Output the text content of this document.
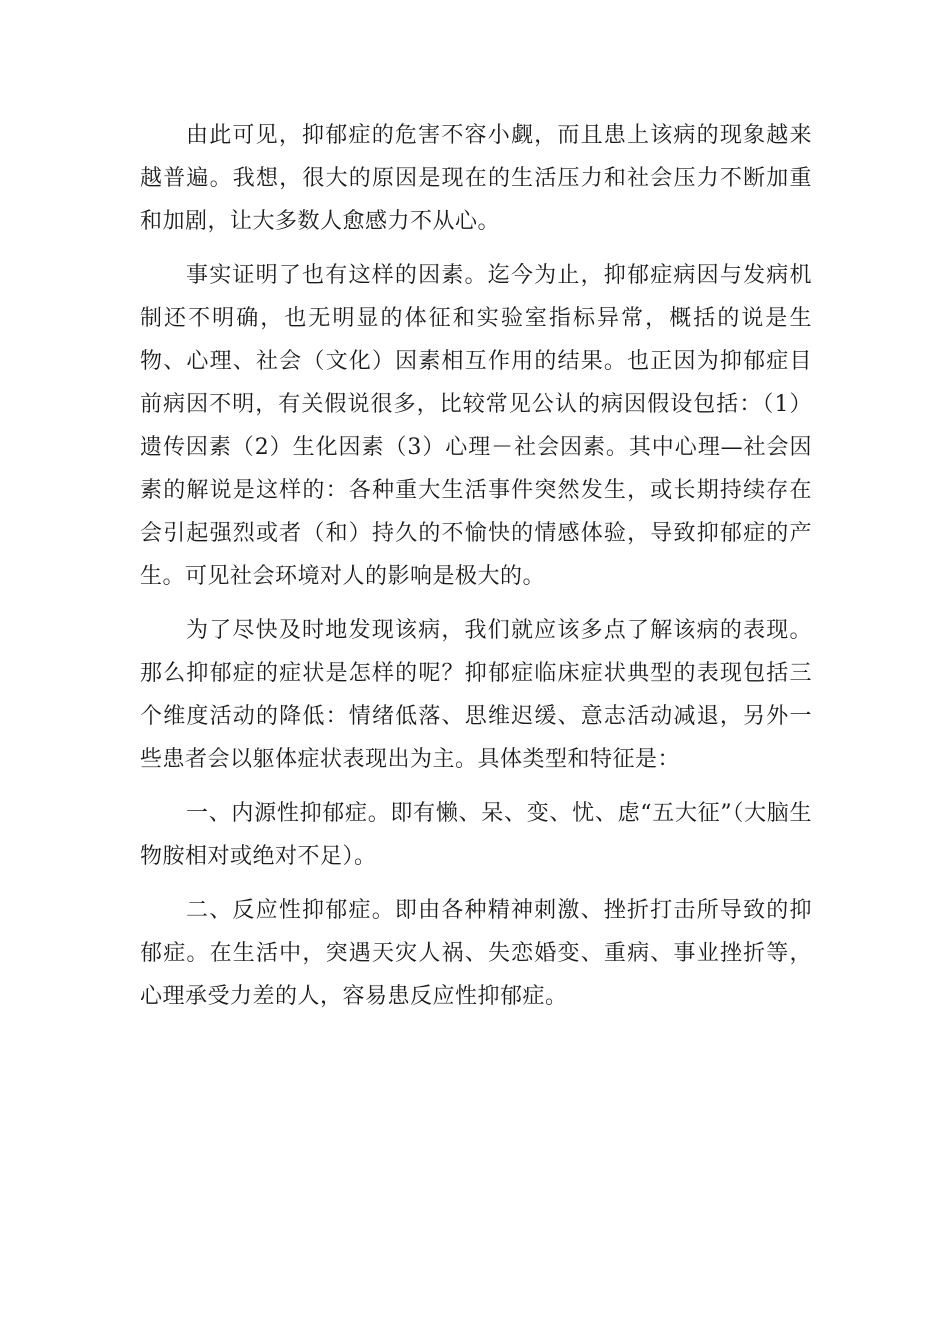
由此可见，抑郁症的危害不容小觑，而且患上该病的现象越来越普遍。我想，很大的原因是现在的生活压力和社会压力不断加重和加剧，让大多数人愈感力不从心。

事实证明了也有这样的因素。迄今为止，抑郁症病因与发病机制还不明确，也无明显的体征和实验室指标异常，概括的说是生物、心理、社会（文化）因素相互作用的结果。也正因为抑郁症目前病因不明，有关假说很多，比较常见公认的病因假设包括：（1）遗传因素（2）生化因素（3）心理－社会因素。其中心理—社会因素的解说是这样的：各种重大生活事件突然发生，或长期持续存在会引起强烈或者（和）持久的不愉快的情感体验，导致抑郁症的产生。可见社会环境对人的影响是极大的。

为了尽快及时地发现该病，我们就应该多点了解该病的表现。那么抑郁症的症状是怎样的呢？抑郁症临床症状典型的表现包括三个维度活动的降低：情绪低落、思维迟缓、意志活动减退，另外一些患者会以躯体症状表现出为主。具体类型和特征是：

一、内源性抑郁症。即有懒、呆、变、忧、虑“五大征”（大脑生物胺相对或绝对不足）。

二、反应性抑郁症。即由各种精神刺激、挫折打击所导致的抑郁症。在生活中，突遇天灾人祸、失恋婚变、重病、事业挫折等，心理承受力差的人，容易患反应性抑郁症。
